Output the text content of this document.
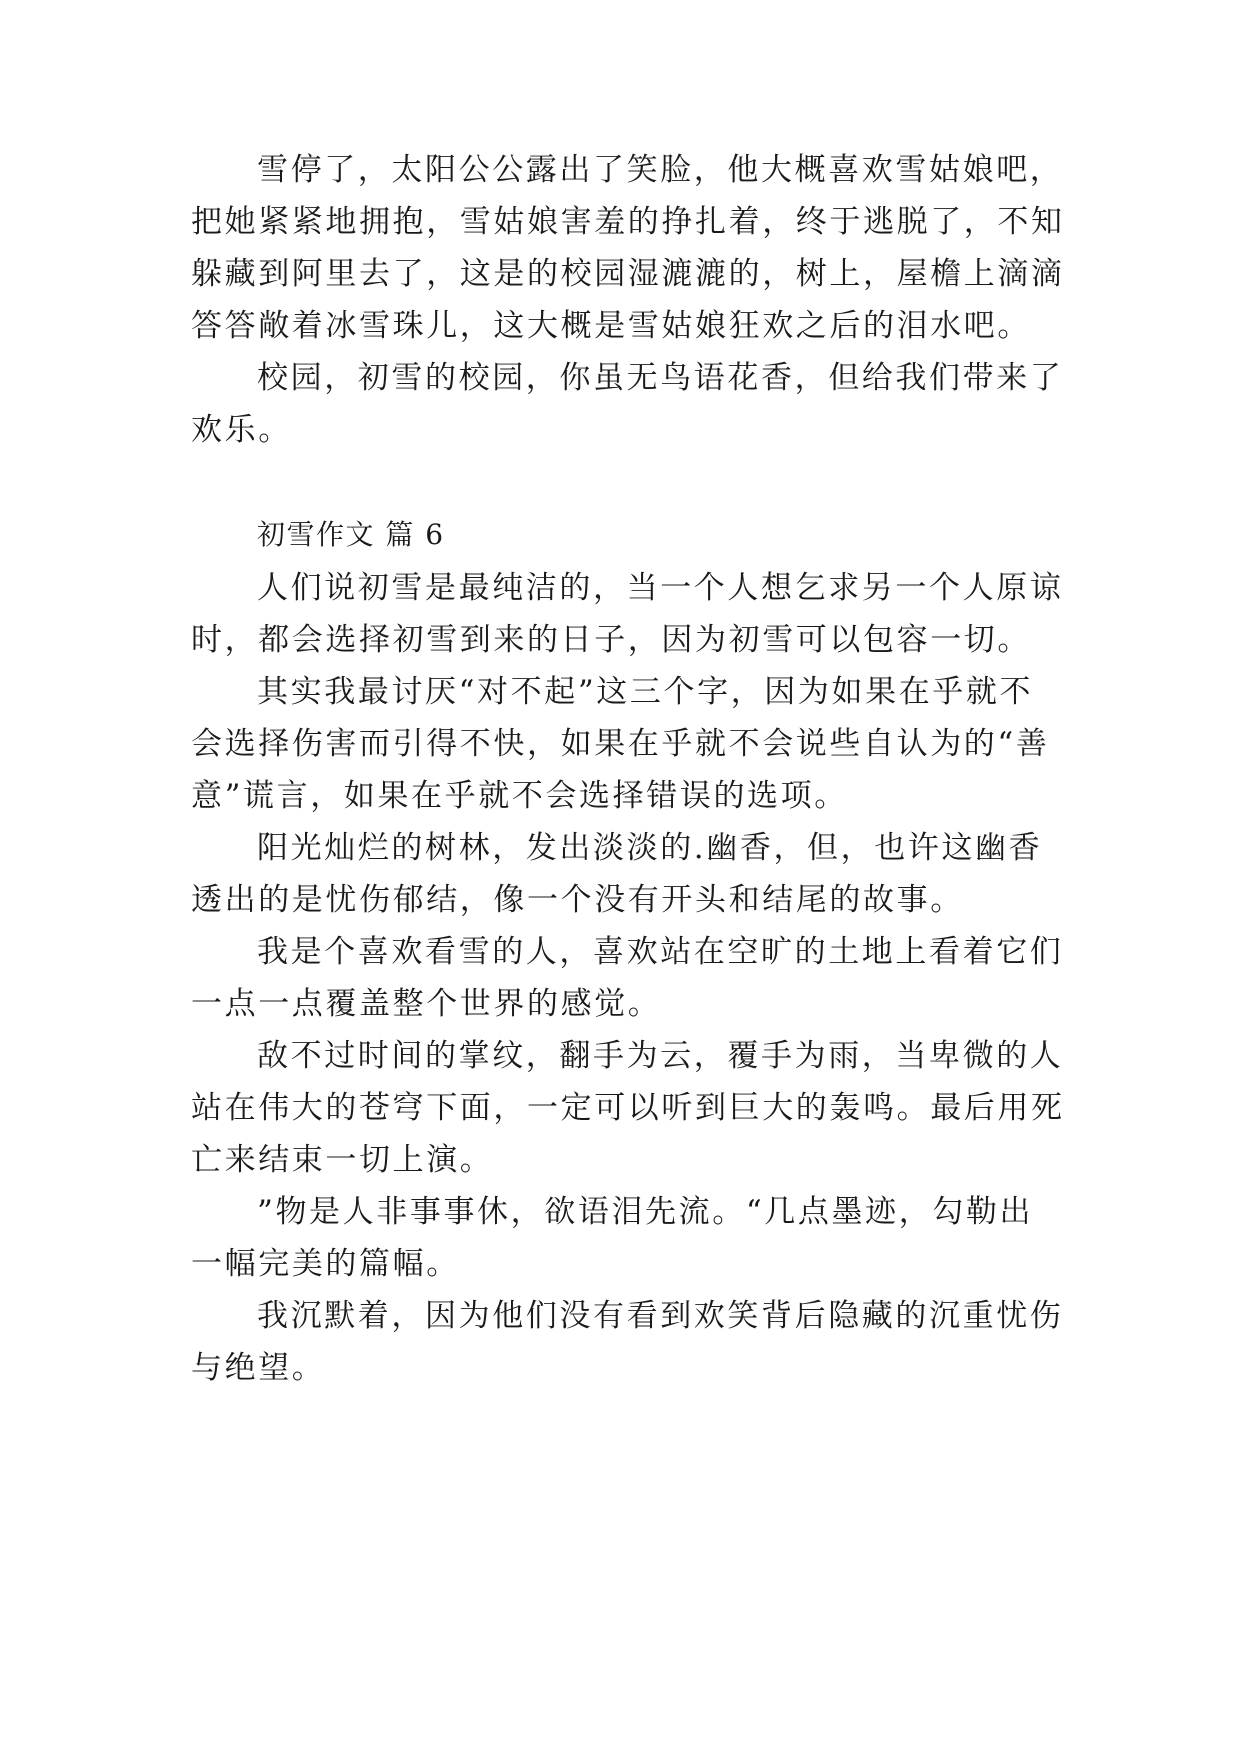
雪停了，太阳公公露出了笑脸，他大概喜欢雪姑娘吧，
把她紧紧地拥抱，雪姑娘害羞的挣扎着，终于逃脱了，不知
躲藏到阿里去了，这是的校园湿漉漉的，树上，屋檐上滴滴
答答敞着冰雪珠儿，这大概是雪姑娘狂欢之后的泪水吧。
校园，初雪的校园，你虽无鸟语花香，但给我们带来了
欢乐。
初雪作文 篇 6
人们说初雪是最纯洁的，当一个人想乞求另一个人原谅
时，都会选择初雪到来的日子，因为初雪可以包容一切。
其实我最讨厌“对不起”这三个字，因为如果在乎就不
会选择伤害而引得不快，如果在乎就不会说些自认为的“善
意”谎言，如果在乎就不会选择错误的选项。
阳光灿烂的树林，发出淡淡的.幽香，但，也许这幽香
透出的是忧伤郁结，像一个没有开头和结尾的故事。
我是个喜欢看雪的人，喜欢站在空旷的土地上看着它们
一点一点覆盖整个世界的感觉。
敌不过时间的掌纹，翻手为云，覆手为雨，当卑微的人
站在伟大的苍穹下面，一定可以听到巨大的轰鸣。最后用死
亡来结束一切上演。
”物是人非事事休，欲语泪先流。“几点墨迹，勾勒出
一幅完美的篇幅。
我沉默着，因为他们没有看到欢笑背后隐藏的沉重忧伤
与绝望。
